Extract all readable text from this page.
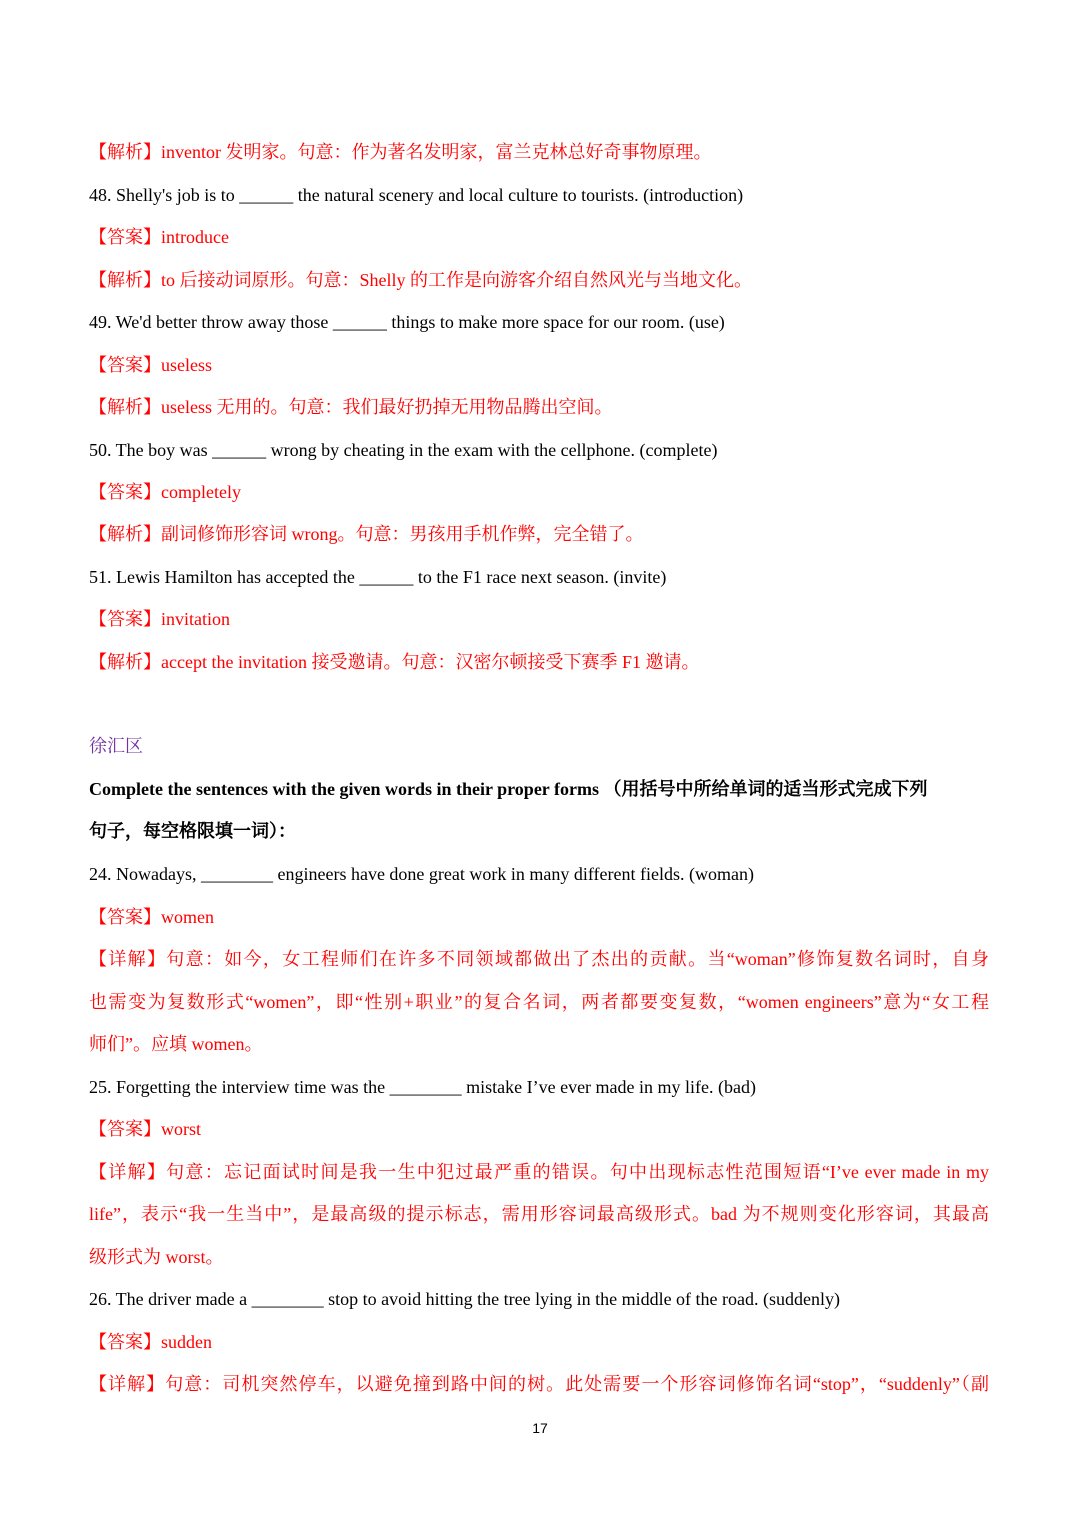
【解析】inventor 发明家。句意：作为著名发明家，富兰克林总好奇事物原理。
48. Shelly's job is to ______ the natural scenery and local culture to tourists. (introduction)
【答案】introduce
【解析】to 后接动词原形。句意：Shelly 的工作是向游客介绍自然风光与当地文化。
49. We'd better throw away those ______ things to make more space for our room. (use)
【答案】useless
【解析】useless 无用的。句意：我们最好扔掉无用物品腾出空间。
50. The boy was ______ wrong by cheating in the exam with the cellphone. (complete)
【答案】completely
【解析】副词修饰形容词 wrong。句意：男孩用手机作弊，完全错了。
51. Lewis Hamilton has accepted the ______ to the F1 race next season. (invite)
【答案】invitation
【解析】accept the invitation 接受邀请。句意：汉密尔顿接受下赛季 F1 邀请。
徐汇区
Complete the sentences with the given words in their proper forms （用括号中所给单词的适当形式完成下列
句子，每空格限填一词）：
24. Nowadays, ________ engineers have done great work in many different fields. (woman)
【答案】women
【详解】句意：如今，女工程师们在许多不同领域都做出了杰出的贡献。当“woman”修饰复数名词时，自身
也需变为复数形式“women”，即“性别+职业”的复合名词，两者都要变复数，“women engineers”意为“女工程
师们”。应填 women。
25. Forgetting the interview time was the ________ mistake I’ve ever made in my life. (bad)
【答案】worst
【详解】句意：忘记面试时间是我一生中犯过最严重的错误。句中出现标志性范围短语“I’ve ever made in my
life”，表示“我一生当中”，是最高级的提示标志，需用形容词最高级形式。bad 为不规则变化形容词，其最高
级形式为 worst。
26. The driver made a ________ stop to avoid hitting the tree lying in the middle of the road. (suddenly)
【答案】sudden
【详解】句意：司机突然停车，以避免撞到路中间的树。此处需要一个形容词修饰名词“stop”，“suddenly”（副
17
